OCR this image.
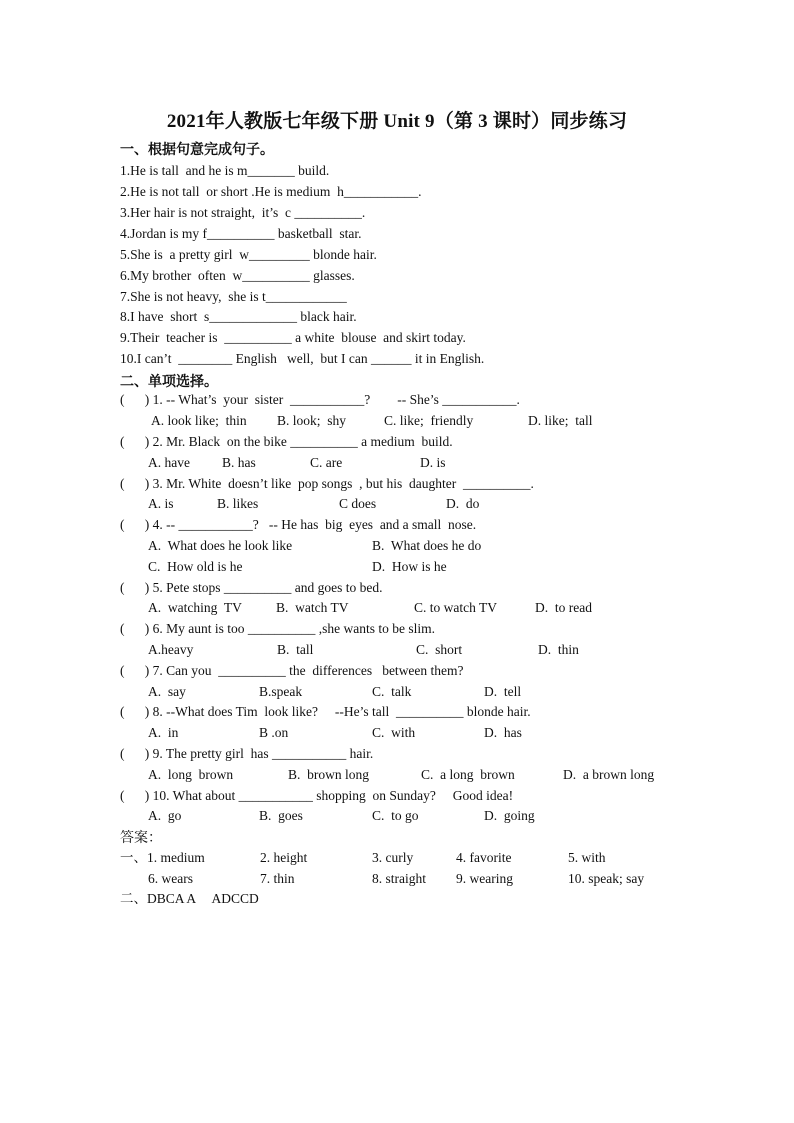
2021年人教版七年级下册 Unit 9（第 3 课时）同步练习
一、根据句意完成句子。
1.He is tall  and he is m_______ build.
2.He is not tall  or short .He is medium  h___________.
3.Her hair is not straight,  it’s  c __________.
4.Jordan is my f__________ basketball  star.
5.She is  a pretty girl  w_________ blonde hair.
6.My brother  often  w__________ glasses.
7.She is not heavy,  she is t____________
8.I have  short  s_____________ black hair.
9.Their  teacher is  __________ a white  blouse  and skirt today.
10.I can’t  ________ English   well,  but I can ______ it in English.
二、单项选择。
(      ) 1. -- What’s  your  sister  ___________?        -- She’s ___________.
A. look like;  thin B. look;  shy	C. like;  friendly	D. like;  tall
(      ) 2. Mr. Black  on the bike __________ a medium  build.
A. have B. has	C. are	D. is
(      ) 3. Mr. White  doesn’t like  pop songs  , but his  daughter  __________.
A. is	B. likes	C does	D.  do
(      ) 4. -- ___________?   -- He has  big  eyes  and a small  nose.
A.  What does he look like	B.  What does he do
C.  How old is he	D.  How is he
(      ) 5. Pete stops __________ and goes to bed.
A.  watching  TV	B.  watch TV	C. to watch TV	D.  to read
(      ) 6. My aunt is too __________ ,she wants to be slim.
A.heavy	B.  tall	C.  short	D.  thin
(      ) 7. Can you  __________ the  differences   between them?
A.  say	B.speak	C.  talk	D.  tell
(      ) 8. --What does Tim  look like?     --He’s tall  __________ blonde hair.
A.  in	B .on	C.  with	D.  has
(      ) 9. The pretty girl  has ___________ hair.
A.  long  brown	B.  brown long	C.  a long  brown	D.  a brown long
(      ) 10. What about ___________ shopping  on Sunday?     Good idea!
A.  go	B.  goes	C.  to go	D.  going
答案：
一、1. medium	2. height	3. curly	4. favorite	5. with
6. wears	7. thin	8. straight 9. wearing	10. speak; say
二、DBCA A     ADCCD
